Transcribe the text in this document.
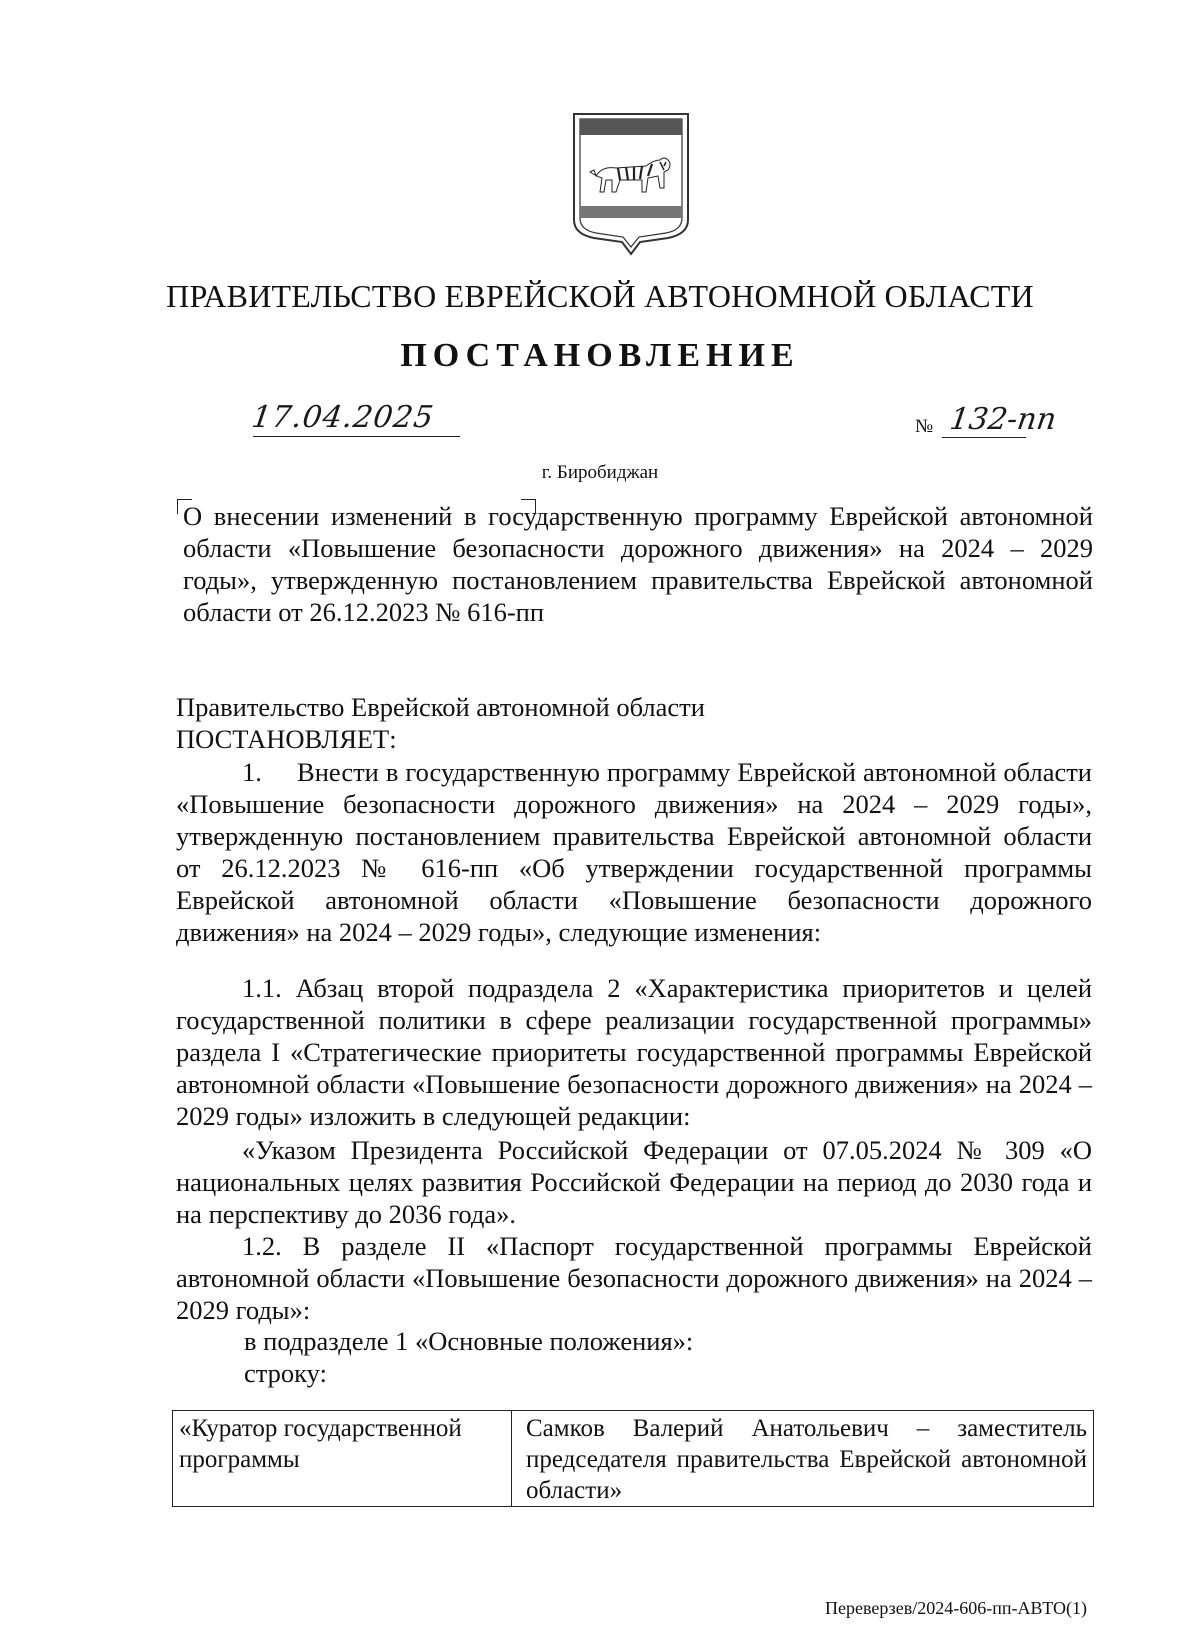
ПРАВИТЕЛЬСТВО ЕВРЕЙСКОЙ АВТОНОМНОЙ ОБЛАСТИ
ПОСТАНОВЛЕНИЕ
17.04.2025	№ 132-пп
г. Биробиджан
О внесении изменений в государственную программу Еврейской автономной области «Повышение безопасности дорожного движения» на 2024 – 2029 годы», утвержденную постановлением правительства Еврейской автономной области от 26.12.2023 № 616-пп
Правительство Еврейской автономной области
ПОСТАНОВЛЯЕТ:
1.     Внести в государственную программу Еврейской автономной области «Повышение безопасности дорожного движения» на 2024 – 2029 годы», утвержденную постановлением правительства Еврейской автономной области от 26.12.2023 № 616-пп «Об утверждении государственной программы Еврейской автономной области «Повышение безопасности дорожного движения» на 2024 – 2029 годы», следующие изменения:
1.1. Абзац второй подраздела 2 «Характеристика приоритетов и целей государственной политики в сфере реализации государственной программы» раздела I «Стратегические приоритеты государственной программы Еврейской автономной области «Повышение безопасности дорожного движения» на 2024 – 2029 годы» изложить в следующей редакции:
«Указом Президента Российской Федерации от 07.05.2024 № 309 «О национальных целях развития Российской Федерации на период до 2030 года и на перспективу до 2036 года».
1.2. В разделе II «Паспорт государственной программы Еврейской автономной области «Повышение безопасности дорожного движения» на 2024 – 2029 годы»:
в подразделе 1 «Основные положения»:
строку:
«Куратор государственной программы	Самков Валерий Анатольевич – заместитель председателя правительства Еврейской автономной области»
Переверзев/2024-606-пп-АВТО(1)
